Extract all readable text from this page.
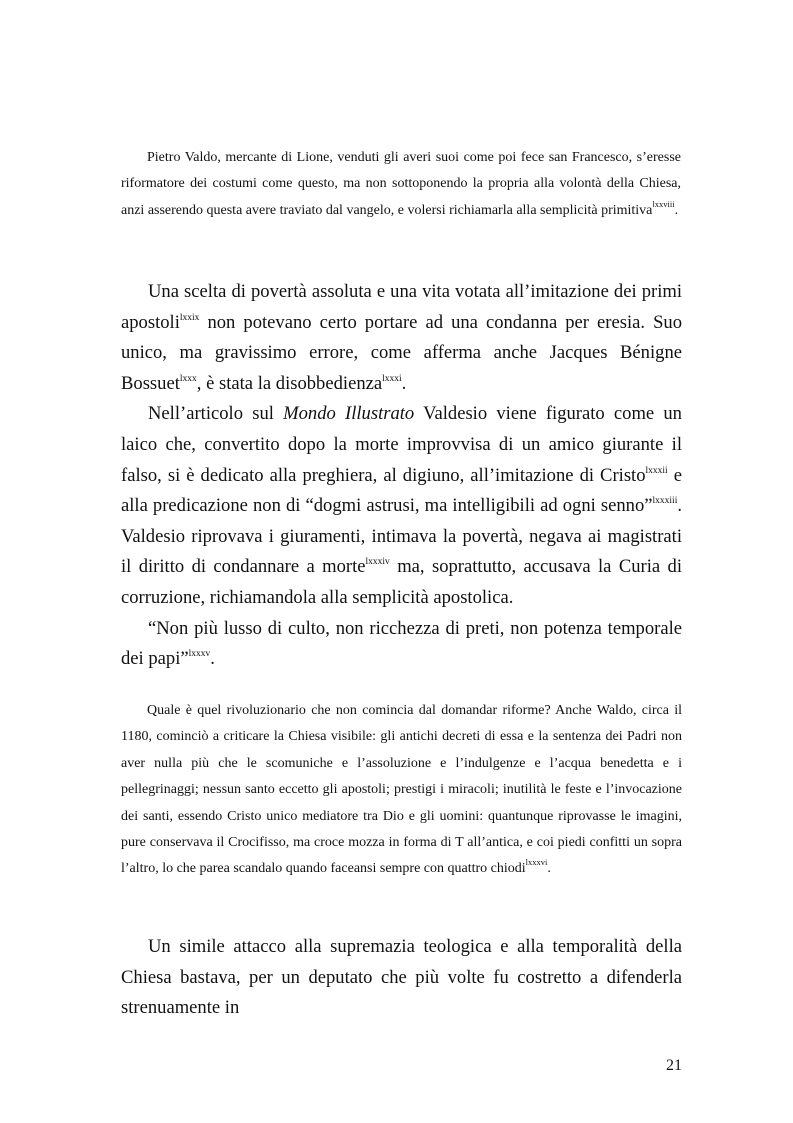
Pietro Valdo, mercante di Lione, venduti gli averi suoi come poi fece san Francesco, s’eresse riformatore dei costumi come questo, ma non sottoponendo la propria alla volontà della Chiesa, anzi asserendo questa avere traviato dal vangelo, e volersi richiamarla alla semplicità primitiva$^{lxxviii}$.

Una scelta di povertà assoluta e una vita votata all’imitazione dei primi apostoli$^{lxxix}$ non potevano certo portare ad una condanna per eresia. Suo unico, ma gravissimo errore, come afferma anche Jacques Bénigne Bossuet$^{lxxx}$, è stata la disobbedienza$^{lxxxi}$.

Nell’articolo sul Mondo Illustrato Valdesio viene figurato come un laico che, convertito dopo la morte improvvisa di un amico giurante il falso, si è dedicato alla preghiera, al digiuno, all’imitazione di Cristo$^{lxxxii}$ e alla predicazione non di “dogmi astrusi, ma intelligibili ad ogni senno”$^{lxxxiii}$. Valdesio riprovava i giuramenti, intimava la povertà, negava ai magistrati il diritto di condannare a morte$^{lxxxiv}$ ma, soprattutto, accusava la Curia di corruzione, richiamandola alla semplicità apostolica.

“Non più lusso di culto, non ricchezza di preti, non potenza temporale dei papi”$^{lxxxv}$.

Quale è quel rivoluzionario che non comincia dal domandar riforme? Anche Waldo, circa il 1180, cominciò a criticare la Chiesa visibile: gli antichi decreti di essa e la sentenza dei Padri non aver nulla più che le scomuniche e l’assoluzione e l’indulgenze e l’acqua benedetta e i pellegrinaggi; nessun santo eccetto gli apostoli; prestigi i miracoli; inutilità le feste e l’invocazione dei santi, essendo Cristo unico mediatore tra Dio e gli uomini: quantunque riprovasse le imagini, pure conservava il Crocifisso, ma croce mozza in forma di T all’antica, e coi piedi confitti un sopra l’altro, lo che parea scandalo quando faceansi sempre con quattro chiodi$^{lxxxvi}$.

Un simile attacco alla supremazia teologica e alla temporalità della Chiesa bastava, per un deputato che più volte fu costretto a difenderla strenuamente in

21
